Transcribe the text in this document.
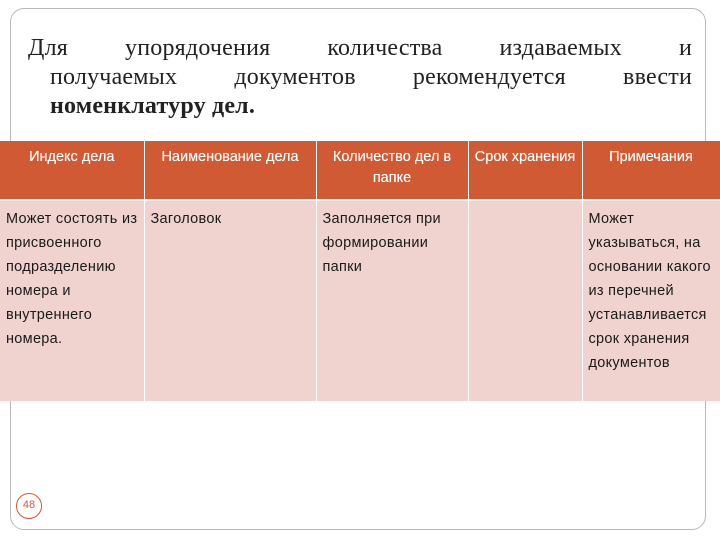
Для упорядочения количества издаваемых и
получаемых документов рекомендуется ввести
номенклатуру дел.
Индекс дела	Наименование дела	Количество дел в папке	Срок хранения	Примечания
Может состоять из присвоенного подразделению номера и внутреннего номера.	Заголовок	Заполняется при формировании папки		Может указываться, на основании какого из перечней устанавливается срок хранения документов
48
